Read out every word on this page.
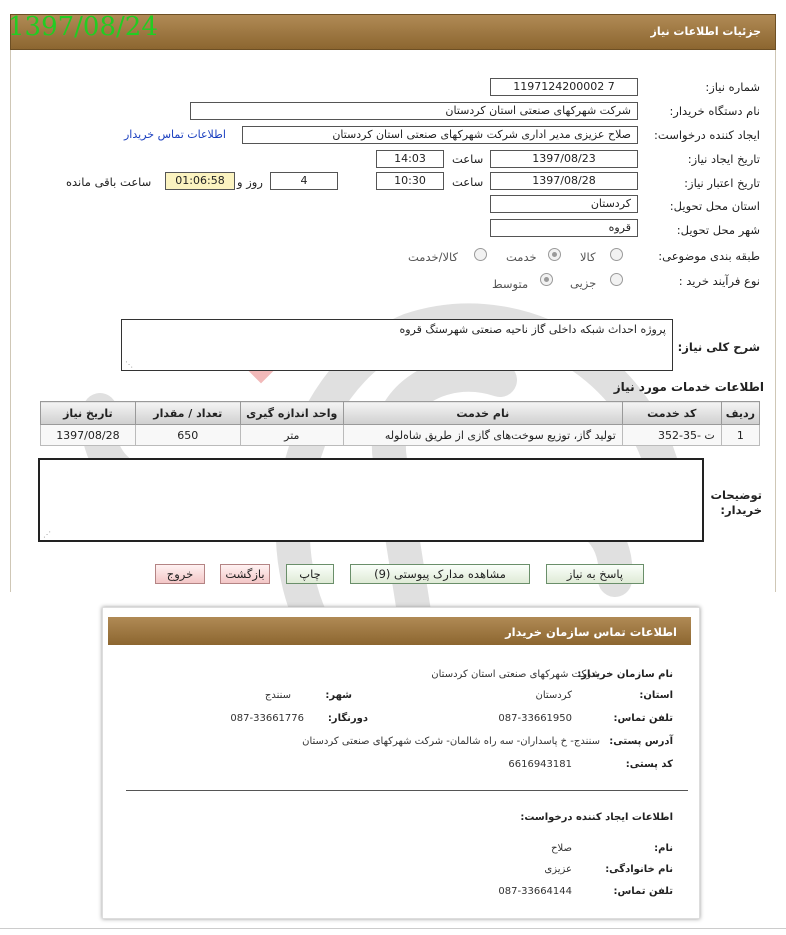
جزئیات اطلاعات نیاز
1397/08/24
شماره نیاز:
1197124200002 7
نام دستگاه خریدار:
شرکت شهرکهای صنعتی استان کردستان
ایجاد کننده درخواست:
صلاح عزیزی مدیر اداری شرکت شهرکهای صنعتی استان کردستان
اطلاعات تماس خریدار
تاریخ ایجاد نیاز:
1397/08/23
ساعت
14:03
تاریخ اعتبار نیاز:
1397/08/28
ساعت
10:30
4
روز و
01:06:58
ساعت باقی مانده
استان محل تحویل:
کردستان
شهر محل تحویل:
قروه
طبقه بندی موضوعی:
کالا
خدمت
کالا/خدمت
نوع فرآیند خرید :
جزیی
متوسط
شرح کلی نیاز:
پروژه احداث شبکه داخلی گاز ناحیه صنعتی شهرستگ قروه
⋰
اطلاعات خدمات مورد نیاز
ردیف	کد خدمت	نام خدمت	واحد اندازه گیری	تعداد / مقدار	تاریخ نیاز
1	ت -35-352	تولید گاز، توزیع سوخت‌های گازی از طریق شاه‌لوله	متر	650	1397/08/28
توضیحات خریدار:
⋰
پاسخ به نیاز
مشاهده مدارک پیوستی (9)
چاپ
بازگشت
خروج
اطلاعات تماس سازمان خریدار
نام سازمان خریدار:
شرکت شهرکهای صنعتی استان کردستان
استان:
کردستان
شهر:
سنندج
تلفن تماس:
087-33661950
دورنگار:
087-33661776
آدرس پستی:
سنندج- خ پاسداران- سه راه شالمان- شرکت شهرکهای صنعتی کردستان
کد پستی:
6616943181
اطلاعات ایجاد کننده درخواست:
نام:
صلاح
نام خانوادگی:
عزیزی
تلفن تماس:
087-33664144
